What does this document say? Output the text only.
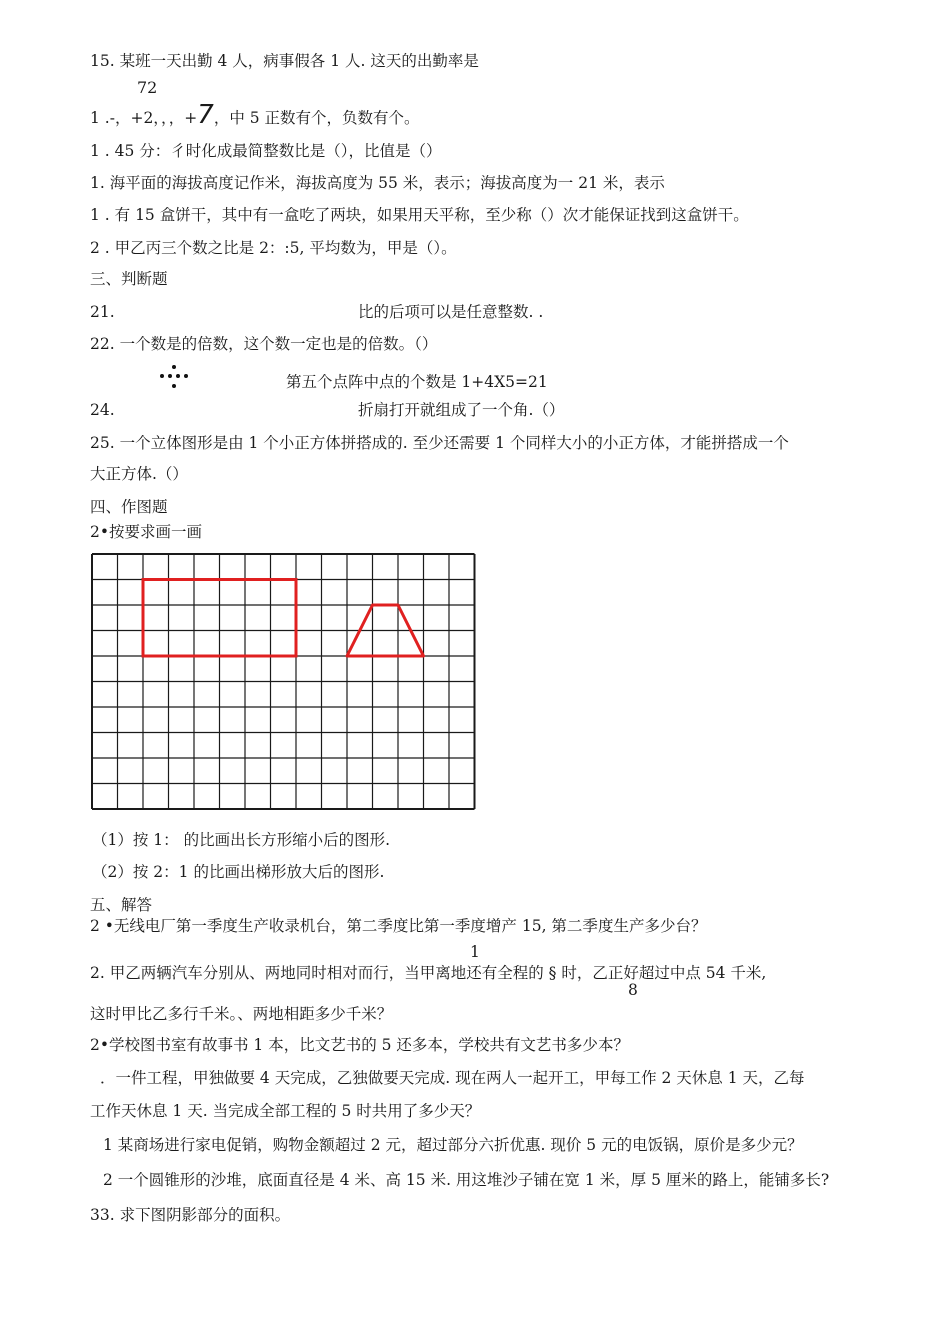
15. 某班一天出勤 4 人，病事假各 1 人. 这天的出勤率是
72
1 .-，+2，，，+7，中 5 正数有个，负数有个。
1 . 45 分：彳时化成最简整数比是（），比值是（）
1. 海平面的海拔高度记作米，海拔高度为 55 米，表示；海拔高度为一 21 米，表示
1 . 有 15 盒饼干，其中有一盒吃了两块，如果用天平称，至少称（）次才能保证找到这盒饼干。
2 . 甲乙丙三个数之比是 2：:5, 平均数为，甲是（）。
三、判断题
21.	比的后项可以是任意整数. .
22. 一个数是的倍数，这个数一定也是的倍数。（）
第五个点阵中点的个数是 1+4X5=21
24.	折扇打开就组成了一个角.（）
25. 一个立体图形是由 1 个小正方体拼搭成的. 至少还需要 1 个同样大小的小正方体，才能拼搭成一个
大正方体.（）
四、作图题
2•按要求画一画
（1）按 1： 的比画出长方形缩小后的图形.
（2）按 2：1 的比画出梯形放大后的图形.
五、解答
2 •无线电厂第一季度生产收录机台，第二季度比第一季度增产 15, 第二季度生产多少台？
1
2. 甲乙两辆汽车分别从、两地同时相对而行，当甲离地还有全程的 § 时，乙正好超过中点 54 千米,
8
这时甲比乙多行千米。、两地相距多少千米？
2•学校图书室有故事书 1 本，比文艺书的 5 还多本，学校共有文艺书多少本？
．一件工程，甲独做要 4 天完成，乙独做要天完成. 现在两人一起开工，甲每工作 2 天休息 1 天，乙每
工作天休息 1 天. 当完成全部工程的 5 时共用了多少天？
1 某商场进行家电促销，购物金额超过 2 元，超过部分六折优惠. 现价 5 元的电饭锅，原价是多少元？
2 一个圆锥形的沙堆，底面直径是 4 米、高 15 米. 用这堆沙子铺在宽 1 米，厚 5 厘米的路上，能铺多长?
33. 求下图阴影部分的面积。
